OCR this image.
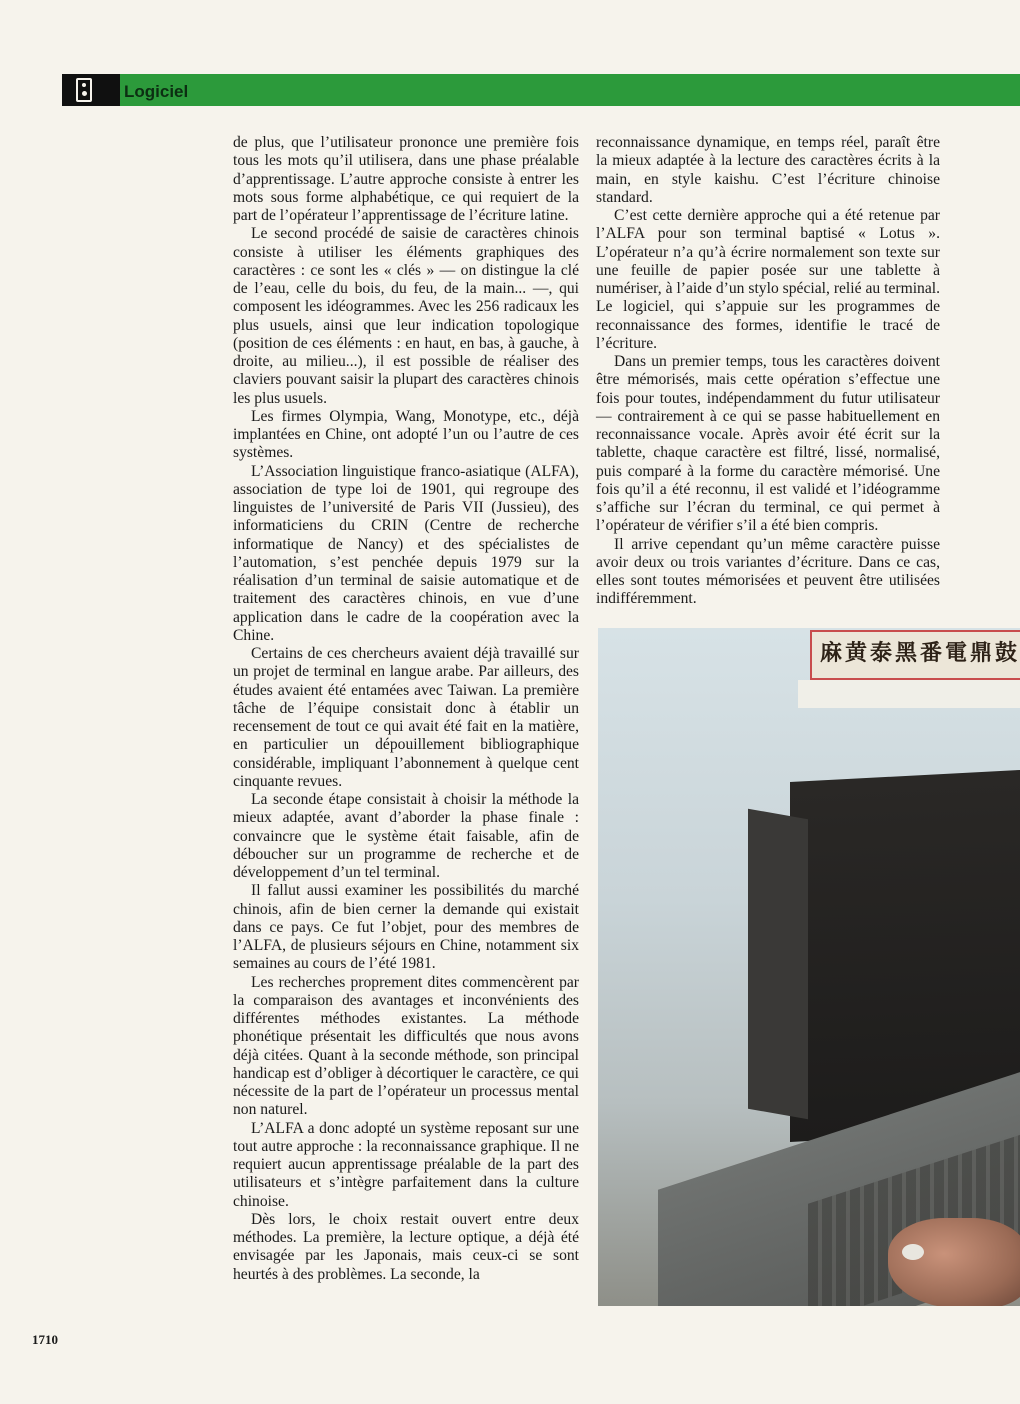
Logiciel

de plus, que l’utilisateur prononce une première fois tous les mots qu’il utilisera, dans une phase préalable d’apprentissage. L’autre approche consiste à entrer les mots sous forme alphabétique, ce qui requiert de la part de l’opérateur l’apprentissage de l’écriture latine.

Le second procédé de saisie de caractères chinois consiste à utiliser les éléments graphiques des caractères : ce sont les « clés » — on distingue la clé de l’eau, celle du bois, du feu, de la main... —, qui composent les idéogrammes. Avec les 256 radicaux les plus usuels, ainsi que leur indication topologique (position de ces éléments : en haut, en bas, à gauche, à droite, au milieu...), il est possible de réaliser des claviers pouvant saisir la plupart des caractères chinois les plus usuels.

Les firmes Olympia, Wang, Monotype, etc., déjà implantées en Chine, ont adopté l’un ou l’autre de ces systèmes.

L’Association linguistique franco-asiatique (ALFA), association de type loi de 1901, qui regroupe des linguistes de l’université de Paris VII (Jussieu), des informaticiens du CRIN (Centre de recherche informatique de Nancy) et des spécialistes de l’automation, s’est penchée depuis 1979 sur la réalisation d’un terminal de saisie automatique et de traitement des caractères chinois, en vue d’une application dans le cadre de la coopération avec la Chine.

Certains de ces chercheurs avaient déjà travaillé sur un projet de terminal en langue arabe. Par ailleurs, des études avaient été entamées avec Taiwan. La première tâche de l’équipe consistait donc à établir un recensement de tout ce qui avait été fait en la matière, en particulier un dépouillement bibliographique considérable, impliquant l’abonnement à quelque cent cinquante revues.

La seconde étape consistait à choisir la méthode la mieux adaptée, avant d’aborder la phase finale : convaincre que le système était faisable, afin de déboucher sur un programme de recherche et de développement d’un tel terminal.

Il fallut aussi examiner les possibilités du marché chinois, afin de bien cerner la demande qui existait dans ce pays. Ce fut l’objet, pour des membres de l’ALFA, de plusieurs séjours en Chine, notamment six semaines au cours de l’été 1981.

Les recherches proprement dites commencèrent par la comparaison des avantages et inconvénients des différentes méthodes existantes. La méthode phonétique présentait les difficultés que nous avons déjà citées. Quant à la seconde méthode, son principal handicap est d’obliger à décortiquer le caractère, ce qui nécessite de la part de l’opérateur un processus mental non naturel.

L’ALFA a donc adopté un système reposant sur une tout autre approche : la reconnaissance graphique. Il ne requiert aucun apprentissage préalable de la part des utilisateurs et s’intègre parfaitement dans la culture chinoise.

Dès lors, le choix restait ouvert entre deux méthodes. La première, la lecture optique, a déjà été envisagée par les Japonais, mais ceux-ci se sont heurtés à des problèmes. La seconde, la

reconnaissance dynamique, en temps réel, paraît être la mieux adaptée à la lecture des caractères écrits à la main, en style kaishu. C’est l’écriture chinoise standard.

C’est cette dernière approche qui a été retenue par l’ALFA pour son terminal baptisé « Lotus ». L’opérateur n’a qu’à écrire normalement son texte sur une feuille de papier posée sur une tablette à numériser, à l’aide d’un stylo spécial, relié au terminal. Le logiciel, qui s’appuie sur les programmes de reconnaissance des formes, identifie le tracé de l’écriture.

Dans un premier temps, tous les caractères doivent être mémorisés, mais cette opération s’effectue une fois pour toutes, indépendamment du futur utilisateur — contrairement à ce qui se passe habituellement en reconnaissance vocale. Après avoir été écrit sur la tablette, chaque caractère est filtré, lissé, normalisé, puis comparé à la forme du caractère mémorisé. Une fois qu’il a été reconnu, il est validé et l’idéogramme s’affiche sur l’écran du terminal, ce qui permet à l’opérateur de vérifier s’il a été bien compris.

Il arrive cependant qu’un même caractère puisse avoir deux ou trois variantes d’écriture. Dans ce cas, elles sont toutes mémorisées et peuvent être utilisées indifféremment.

麻黄泰黑番電鼎鼓
1710
